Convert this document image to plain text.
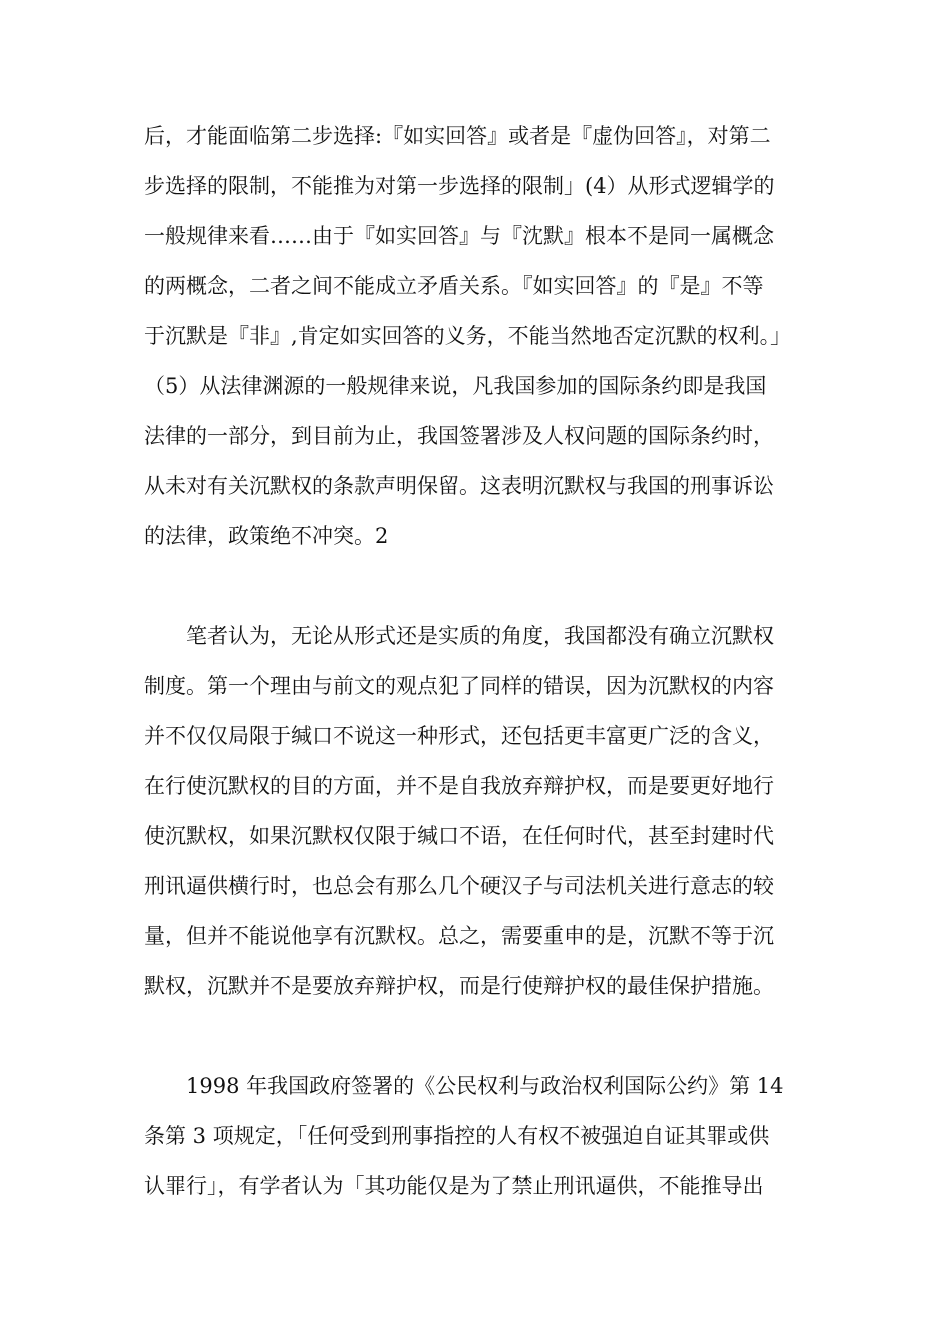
后，才能面临第二步选择:『如实回答』或者是『虚伪回答』，对第二
步选择的限制，不能推为对第一步选择的限制」(4）从形式逻辑学的
一般规律来看……由于『如实回答』与『沈默』根本不是同一属概念
的两概念，二者之间不能成立矛盾关系。『如实回答』的『是』不等
于沉默是『非』,肯定如实回答的义务，不能当然地否定沉默的权利。」
（5）从法律渊源的一般规律来说，凡我国参加的国际条约即是我国
法律的一部分，到目前为止，我国签署涉及人权问题的国际条约时，
从未对有关沉默权的条款声明保留。这表明沉默权与我国的刑事诉讼
的法律，政策绝不冲突。2
笔者认为，无论从形式还是实质的角度，我国都没有确立沉默权
制度。第一个理由与前文的观点犯了同样的错误，因为沉默权的内容
并不仅仅局限于缄口不说这一种形式，还包括更丰富更广泛的含义，
在行使沉默权的目的方面，并不是自我放弃辩护权，而是要更好地行
使沉默权，如果沉默权仅限于缄口不语，在任何时代，甚至封建时代
刑讯逼供横行时，也总会有那么几个硬汉子与司法机关进行意志的较
量，但并不能说他享有沉默权。总之，需要重申的是，沉默不等于沉
默权，沉默并不是要放弃辩护权，而是行使辩护权的最佳保护措施。
1998 年我国政府签署的《公民权利与政治权利国际公约》第 14
条第 3 项规定，「任何受到刑事指控的人有权不被强迫自证其罪或供
认罪行」，有学者认为「其功能仅是为了禁止刑讯逼供，不能推导出
